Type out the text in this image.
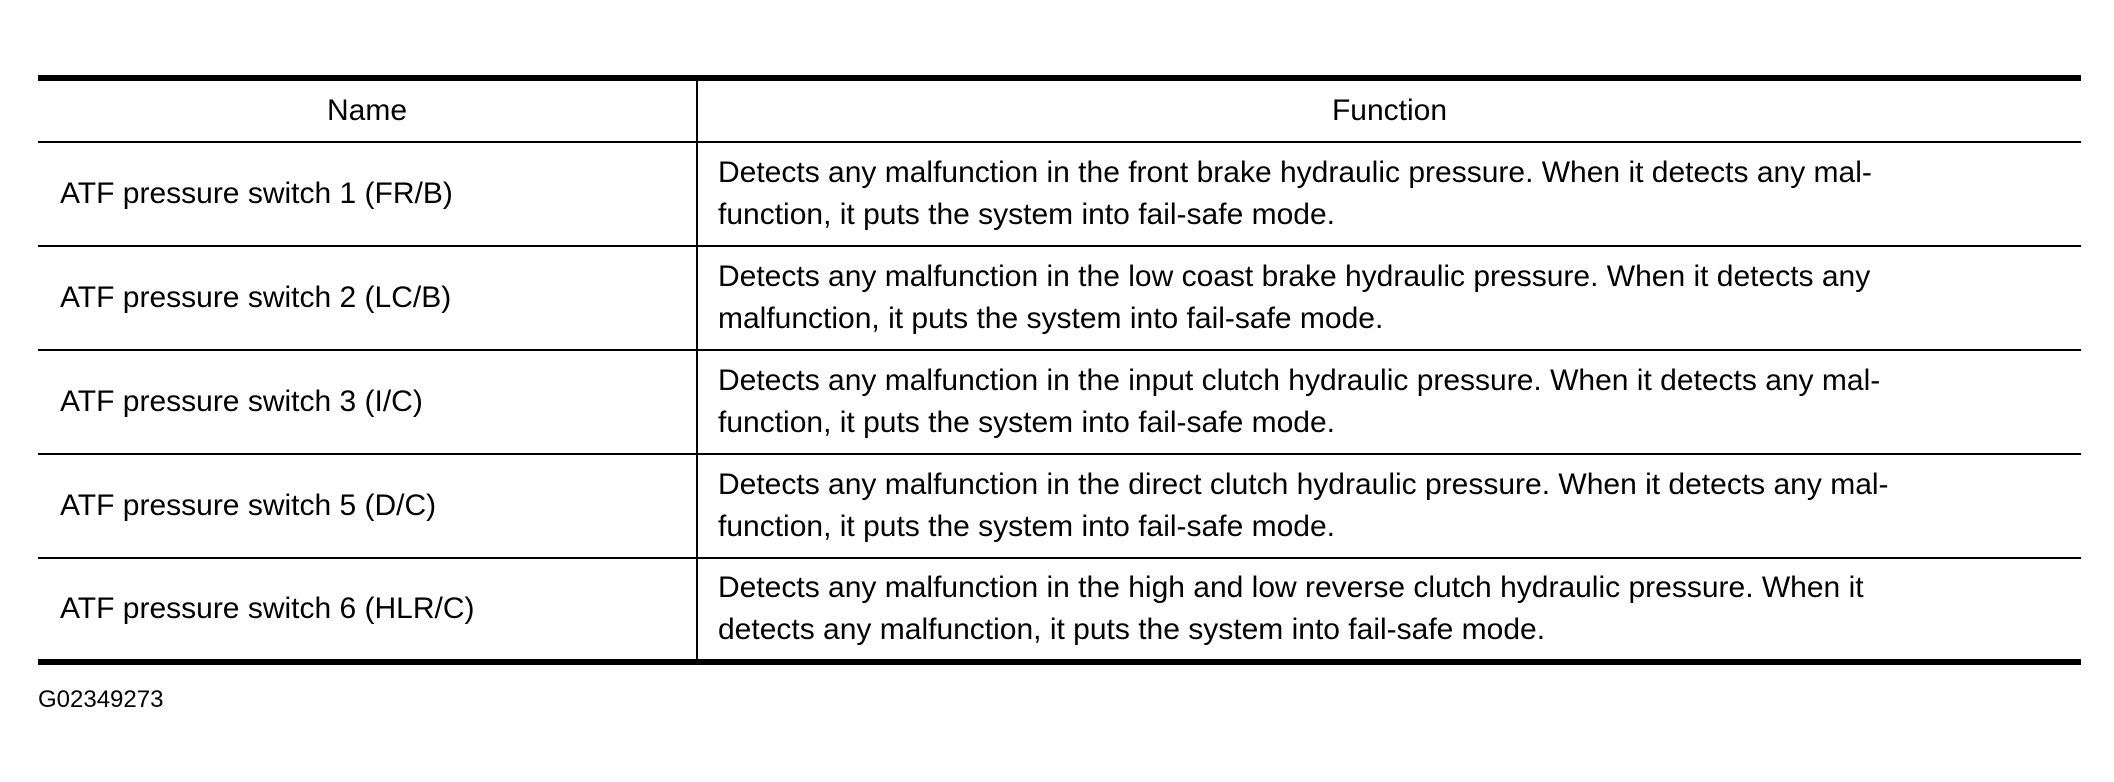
Name	Function
ATF pressure switch 1 (FR/B)	Detects any malfunction in the front brake hydraulic pressure. When it detects any mal-
function, it puts the system into fail-safe mode.
ATF pressure switch 2 (LC/B)	Detects any malfunction in the low coast brake hydraulic pressure. When it detects any
malfunction, it puts the system into fail-safe mode.
ATF pressure switch 3 (I/C)	Detects any malfunction in the input clutch hydraulic pressure. When it detects any mal-
function, it puts the system into fail-safe mode.
ATF pressure switch 5 (D/C)	Detects any malfunction in the direct clutch hydraulic pressure. When it detects any mal-
function, it puts the system into fail-safe mode.
ATF pressure switch 6 (HLR/C)	Detects any malfunction in the high and low reverse clutch hydraulic pressure. When it
detects any malfunction, it puts the system into fail-safe mode.
G02349273
